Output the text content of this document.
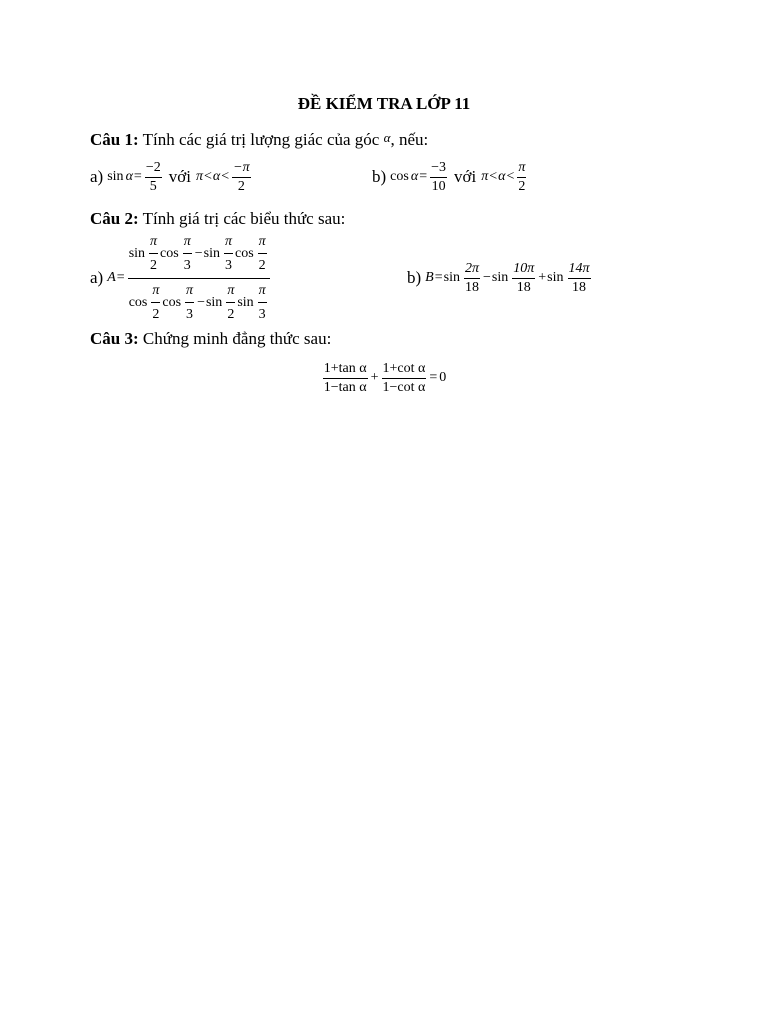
ĐỀ KIỂM TRA LỚP 11
Câu 1: Tính các giá trị lượng giác của góc α, nếu:
a) $\sin \alpha = \frac{-2}{5}$ với $\pi < \alpha < \frac{-\pi}{2}$	b) $\cos \alpha = \frac{-3}{10}$ với $\pi < \alpha < \frac{\pi}{2}$
Câu 2: Tính giá trị các biểu thức sau:
a) A =
$\sin \frac{\pi}{2}$ $\cos \frac{\pi}{3} - \sin \frac{\pi}{3}$ $\cos \frac{\pi}{2}$
$\cos \frac{\pi}{2}$ $\cos \frac{\pi}{3} - \sin \frac{\pi}{2}$ $\sin \frac{\pi}{3}$
b) $B = \sin \frac{2\pi}{18} - \sin \frac{10\pi}{18} + \sin \frac{14\pi}{18}$
Câu 3: Chứng minh đẳng thức sau:
$\frac{\text{1+tan α}}{\text{1−tan α}} + \frac{\text{1+cot α}}{\text{1−cot α}} = 0$
